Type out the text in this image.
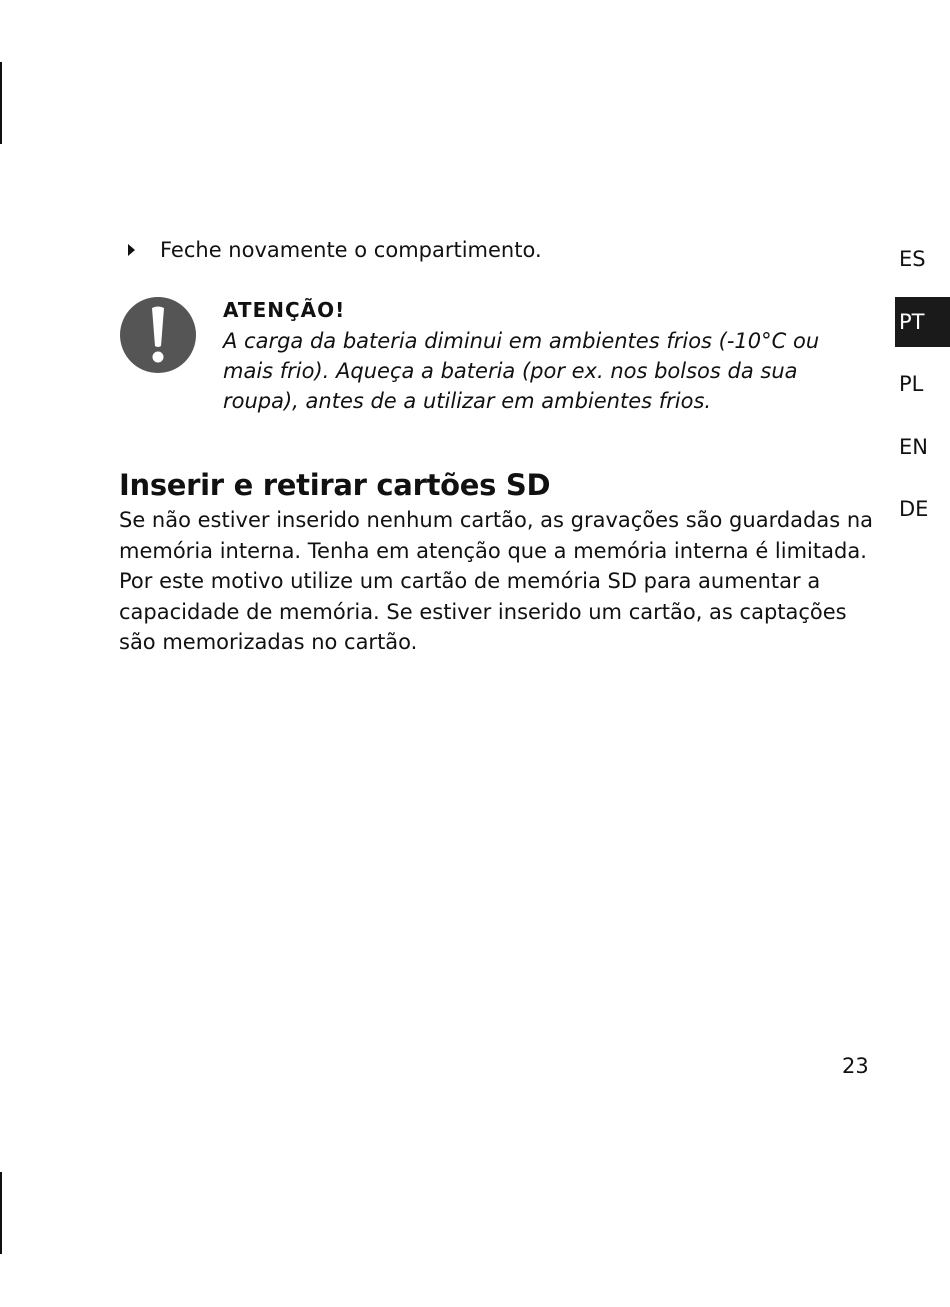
Feche novamente o compartimento.
ATENÇÃO!
A carga da bateria diminui em ambientes frios (-10°C ou mais frio). Aqueça a bateria (por ex. nos bolsos da sua roupa), antes de a utilizar em ambientes frios.
Inserir e retirar cartões SD

Se não estiver inserido nenhum cartão, as gravações são guardadas na memória interna. Tenha em atenção que a memória interna é limitada.

Por este motivo utilize um cartão de memória SD para aumentar a capacidade de memória. Se estiver inserido um cartão, as captações são memorizadas no cartão.

ES
PT
PL
EN
DE
23
